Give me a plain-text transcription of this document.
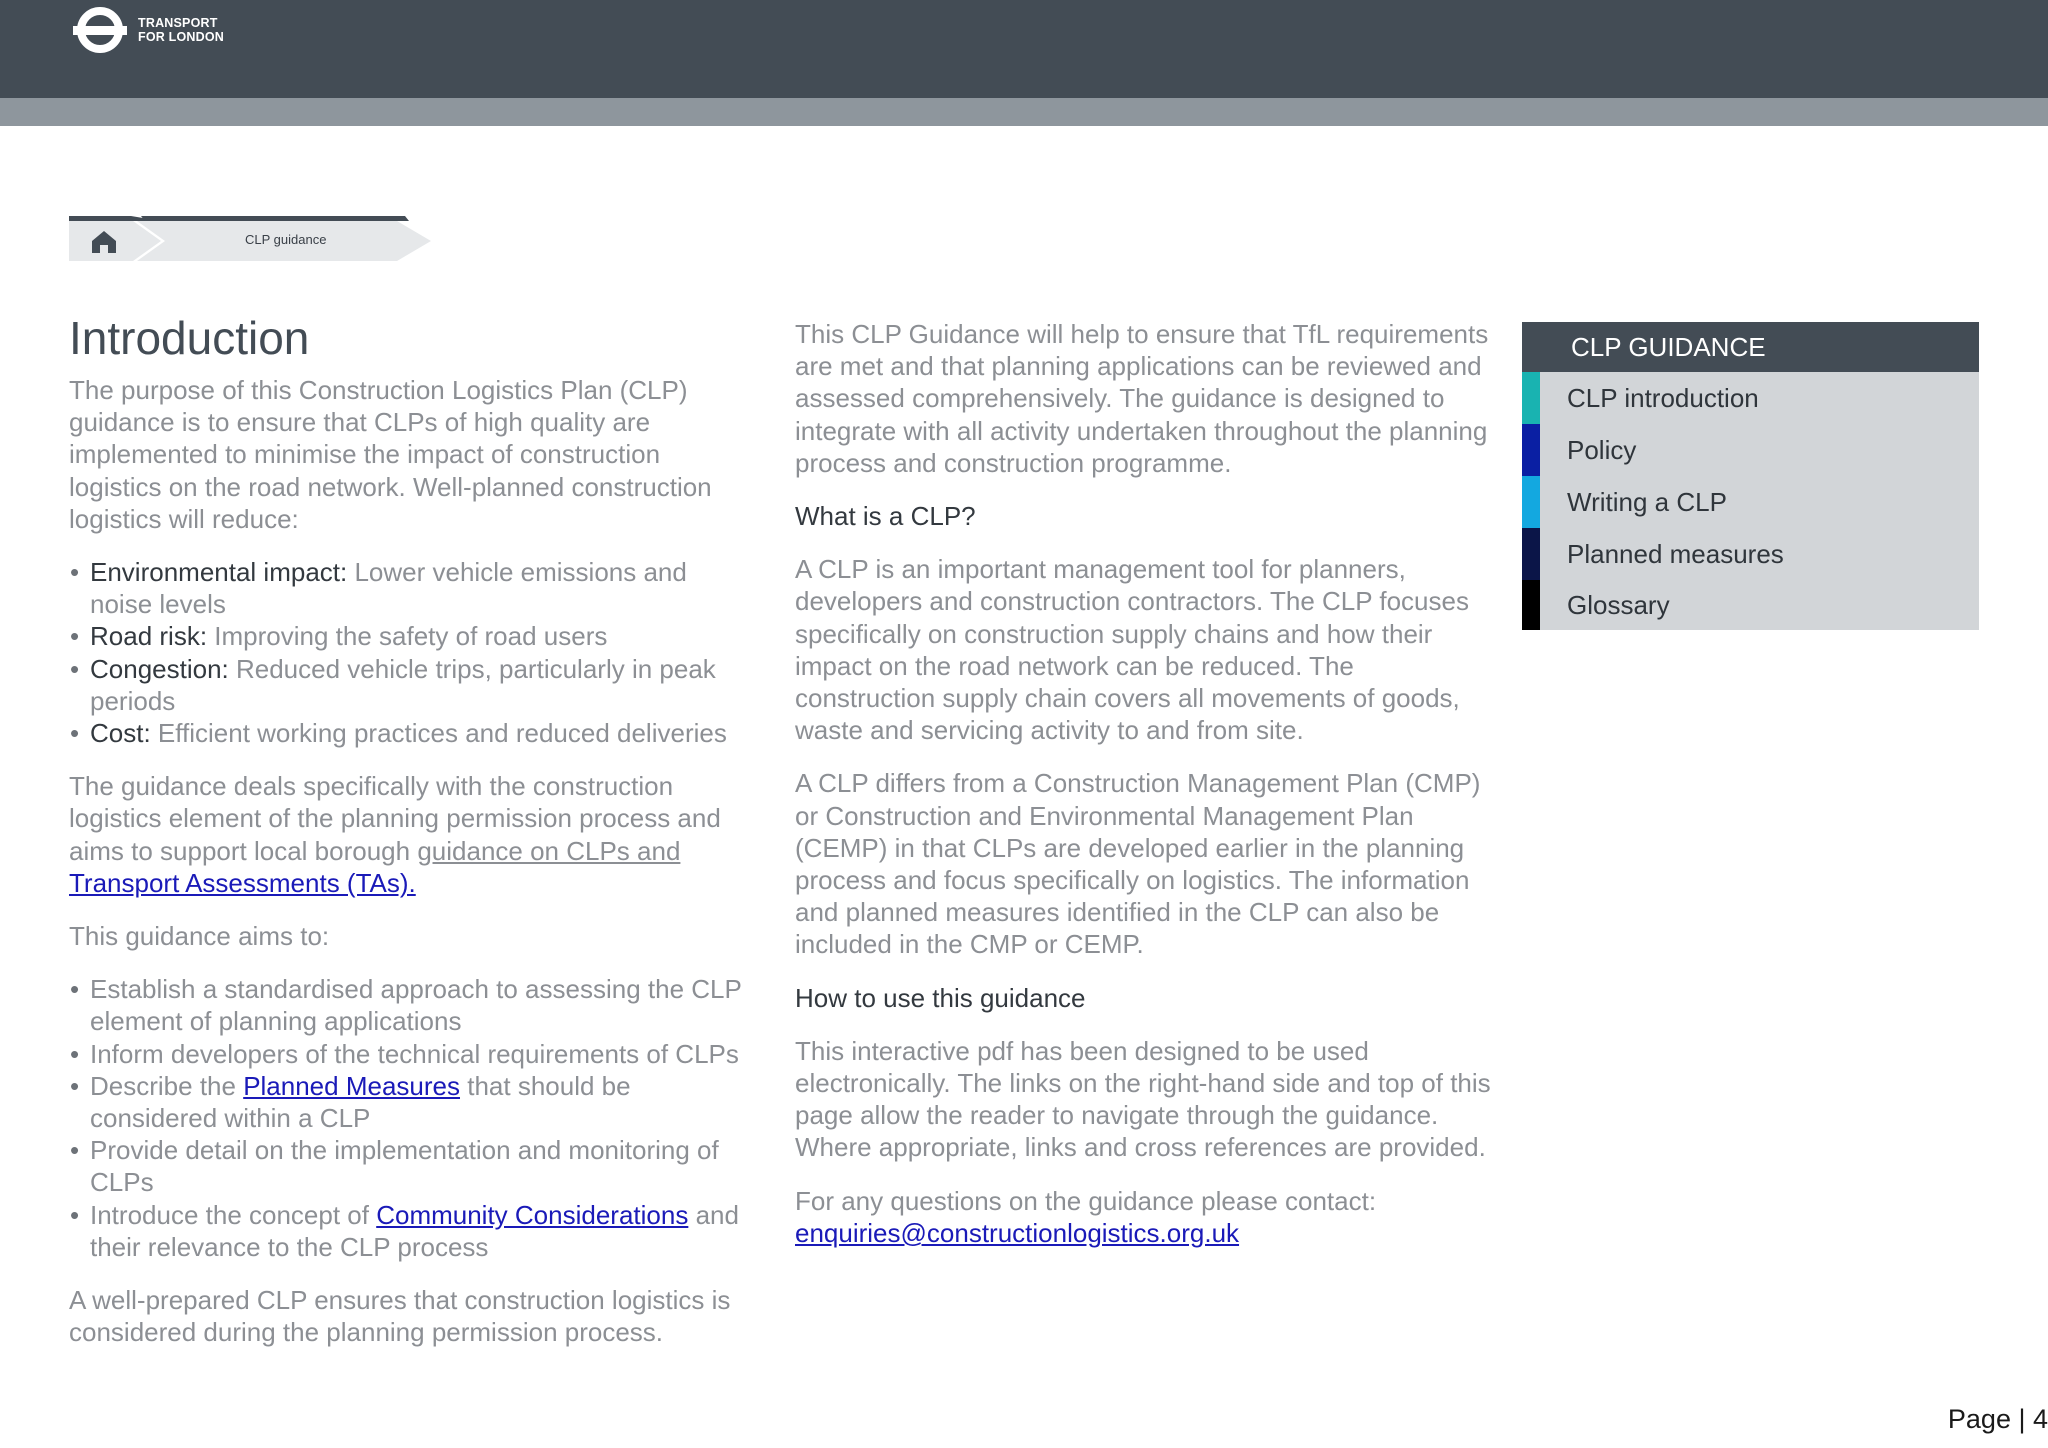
TRANSPORT
FOR LONDON
CLP guidance
Introduction

The purpose of this Construction Logistics Plan (CLP) guidance is to ensure that CLPs of high quality are implemented to minimise the impact of construction logistics on the road network. Well-planned construction logistics will reduce:

• Environmental impact: Lower vehicle emissions and noise levels
• Road risk: Improving the safety of road users
• Congestion: Reduced vehicle trips, particularly in peak periods
• Cost: Efficient working practices and reduced deliveries

The guidance deals specifically with the construction logistics element of the planning permission process and aims to support local borough guidance on CLPs and Transport Assessments (TAs).

This guidance aims to:

• Establish a standardised approach to assessing the CLP element of planning applications
• Inform developers of the technical requirements of CLPs
• Describe the Planned Measures that should be considered within a CLP
• Provide detail on the implementation and monitoring of CLPs
• Introduce the concept of Community Considerations and their relevance to the CLP process

A well-prepared CLP ensures that construction logistics is considered during the planning permission process.

This CLP Guidance will help to ensure that TfL requirements are met and that planning applications can be reviewed and assessed comprehensively. The guidance is designed to integrate with all activity undertaken throughout the planning process and construction programme.

What is a CLP?

A CLP is an important management tool for planners, developers and construction contractors. The CLP focuses specifically on construction supply chains and how their impact on the road network can be reduced. The construction supply chain covers all movements of goods, waste and servicing activity to and from site.

A CLP differs from a Construction Management Plan (CMP) or Construction and Environmental Management Plan (CEMP) in that CLPs are developed earlier in the planning process and focus specifically on logistics. The information and planned measures identified in the CLP can also be included in the CMP or CEMP.

How to use this guidance

This interactive pdf has been designed to be used electronically. The links on the right-hand side and top of this page allow the reader to navigate through the guidance. Where appropriate, links and cross references are provided.

For any questions on the guidance please contact:
enquiries@constructionlogistics.org.uk

CLP GUIDANCE
CLP introduction
Policy
Writing a CLP
Planned measures
Glossary
Page | 4
